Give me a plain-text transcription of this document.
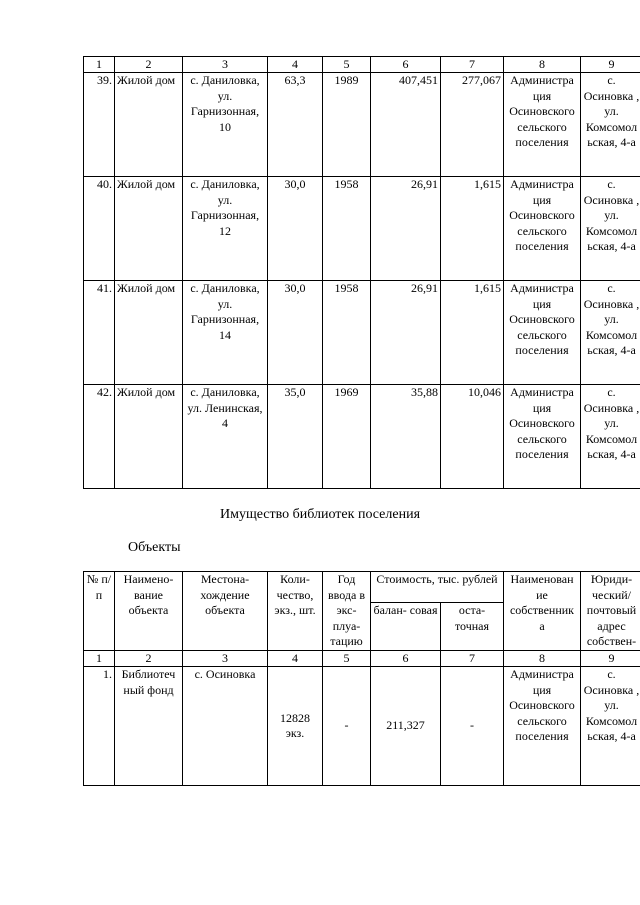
1	2	3	4	5	6	7	8	9
39.	Жилой дом	с. Даниловка, ул. Гарнизонная, 10	63,3	1989	407,451	277,067	Администра ция Осиновского сельского поселения	с. Осиновка , ул. Комсомол ьская, 4-а
40.	Жилой дом	с. Даниловка, ул. Гарнизонная, 12	30,0	1958	26,91	1,615	Администра ция Осиновского сельского поселения	с. Осиновка , ул. Комсомол ьская, 4-а
41.	Жилой дом	с. Даниловка, ул. Гарнизонная, 14	30,0	1958	26,91	1,615	Администра ция Осиновского сельского поселения	с. Осиновка , ул. Комсомол ьская, 4-а
42.	Жилой дом	с. Даниловка, ул. Ленинская, 4	35,0	1969	35,88	10,046	Администра ция Осиновского сельского поселения	с. Осиновка , ул. Комсомол ьская, 4-а
Имущество библиотек поселения
Объекты
№ п/п	Наимено- вание объекта	Местона- хождение объекта	Коли- чество, экз., шт.	Год ввода в экс- плуа- тацию	Стоимость, тыс. рублей		Наименован ие собственник а	Юриди- ческий/ почтовый адрес собствен-
					балан- совая	оста- точная		
1	2	3	4	5	6	7	8	9
1.	Библиотеч ный фонд	с. Осиновка	12828 экз.	-	211,327	-	Администра ция Осиновского сельского поселения	с. Осиновка , ул. Комсомол ьская, 4-а
